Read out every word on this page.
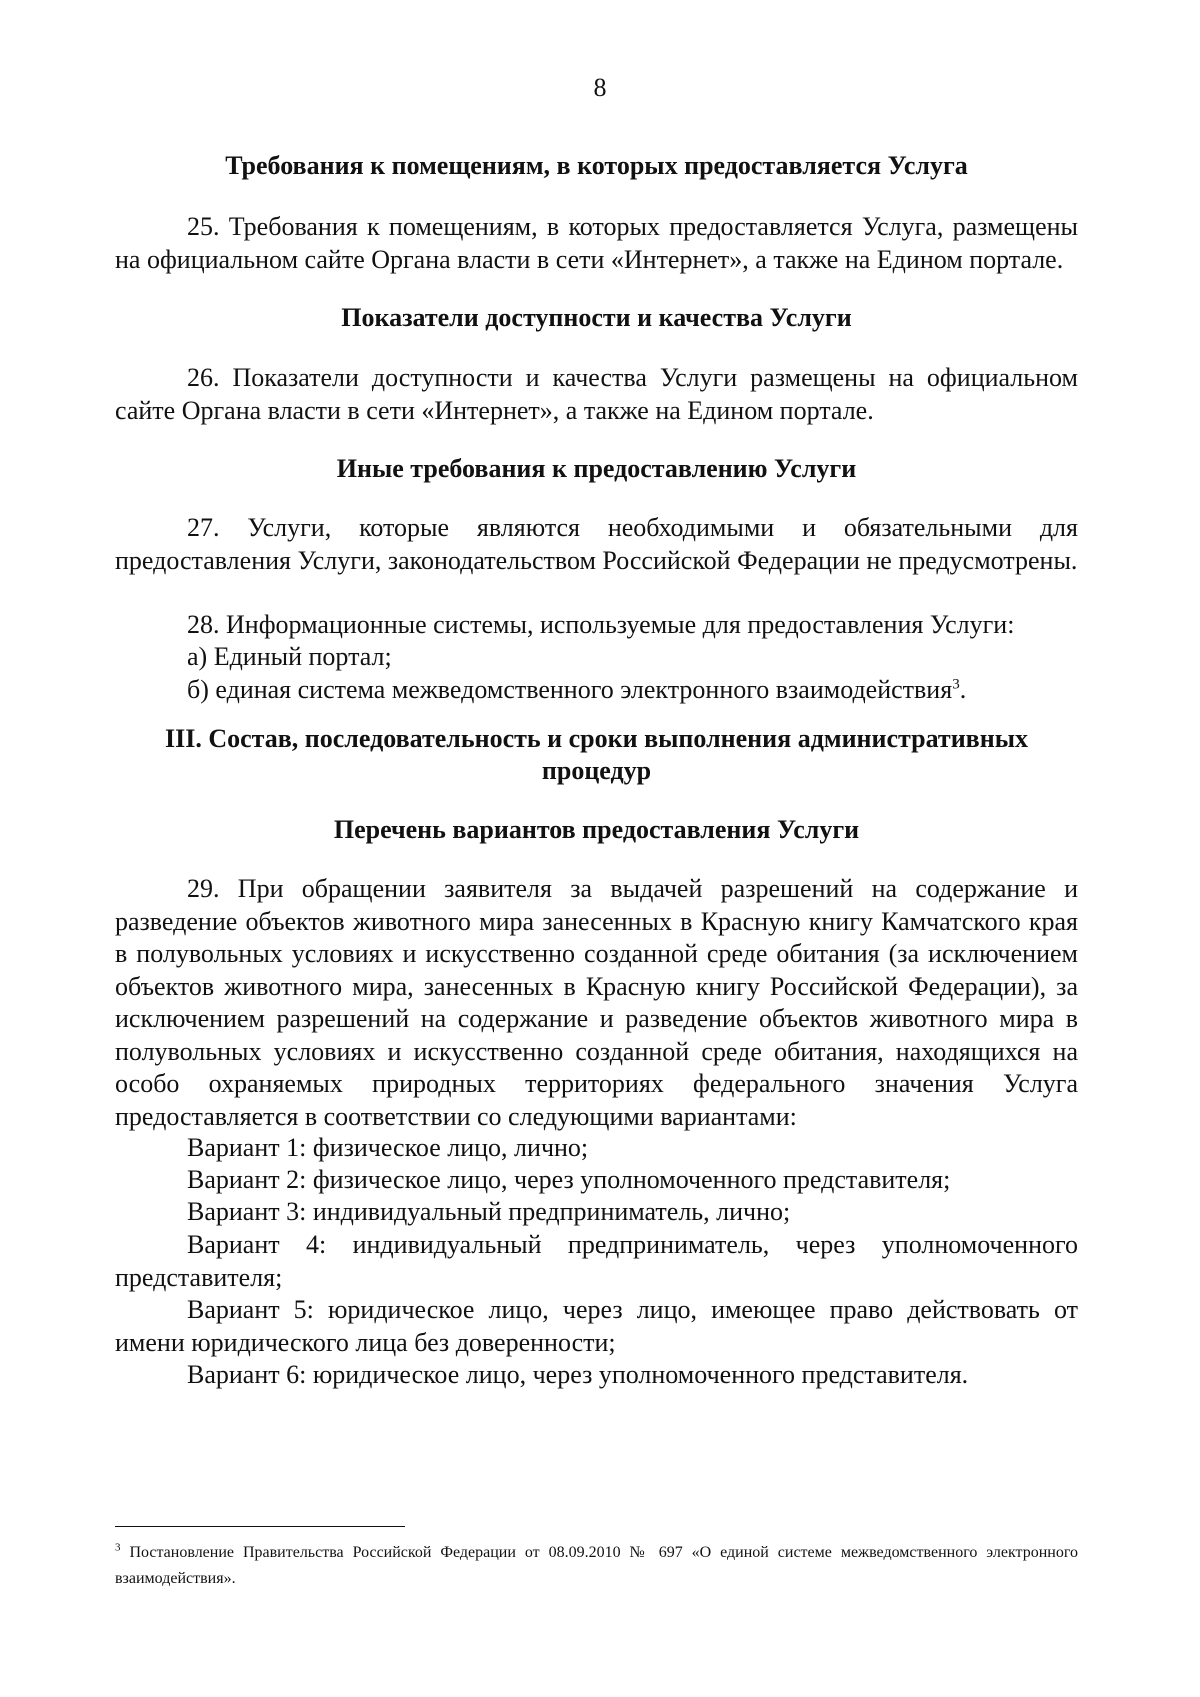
8
Требования к помещениям, в которых предоставляется Услуга

25. Требования к помещениям, в которых предоставляется Услуга, размещены на официальном сайте Органа власти в сети «Интернет», а также на Едином портале.

Показатели доступности и качества Услуги

26. Показатели доступности и качества Услуги размещены на официальном сайте Органа власти в сети «Интернет», а также на Едином портале.

Иные требования к предоставлению Услуги

27. Услуги, которые являются необходимыми и обязательными для предоставления Услуги, законодательством Российской Федерации не предусмотрены.

28. Информационные системы, используемые для предоставления Услуги:

а) Единый портал;

б) единая система межведомственного электронного взаимодействия$^3$.

III. Состав, последовательность и сроки выполнения административных
процедур
Перечень вариантов предоставления Услуги

29. При обращении заявителя за выдачей разрешений на содержание и разведение объектов животного мира занесенных в Красную книгу Камчатского края в полувольных условиях и искусственно созданной среде обитания (за исключением объектов животного мира, занесенных в Красную книгу Российской Федерации), за исключением разрешений на содержание и разведение объектов животного мира в полувольных условиях и искусственно созданной среде обитания, находящихся на особо охраняемых природных территориях федерального значения Услуга предоставляется в соответствии со следующими вариантами:

Вариант 1: физическое лицо, лично;

Вариант 2: физическое лицо, через уполномоченного представителя;

Вариант 3: индивидуальный предприниматель, лично;

Вариант 4: индивидуальный предприниматель, через уполномоченного представителя;

Вариант 5: юридическое лицо, через лицо, имеющее право действовать от имени юридического лица без доверенности;

Вариант 6: юридическое лицо, через уполномоченного представителя.

$^3$ Постановление Правительства Российской Федерации от 08.09.2010 № 697 «О единой системе межведомственного электронного взаимодействия».
